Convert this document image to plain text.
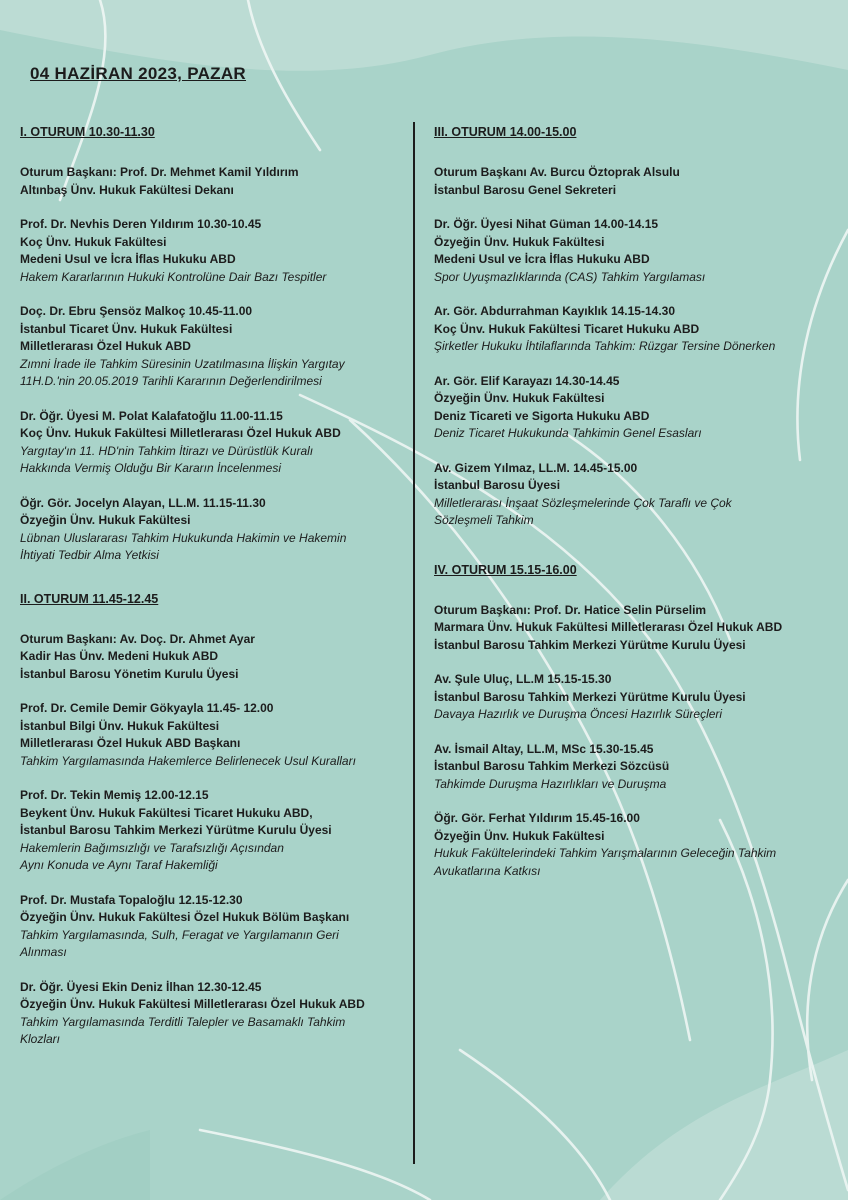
04 HAZİRAN 2023, PAZAR
I. OTURUM 10.30-11.30
Oturum Başkanı: Prof. Dr. Mehmet Kamil Yıldırım
Altınbaş Ünv. Hukuk Fakültesi Dekanı
Prof. Dr. Nevhis Deren Yıldırım 10.30-10.45
Koç Ünv. Hukuk Fakültesi
Medeni Usul ve İcra İflas Hukuku ABD
Hakem Kararlarının Hukuki Kontrolüne Dair Bazı Tespitler
Doç. Dr. Ebru Şensöz Malkoç 10.45-11.00
İstanbul Ticaret Ünv. Hukuk Fakültesi
Milletlerarası Özel Hukuk ABD
Zımni İrade ile Tahkim Süresinin Uzatılmasına İlişkin Yargıtay
11H.D.'nin 20.05.2019 Tarihli Kararının Değerlendirilmesi
Dr. Öğr. Üyesi M. Polat Kalafatoğlu 11.00-11.15
Koç Ünv. Hukuk Fakültesi Milletlerarası Özel Hukuk ABD
Yargıtay'ın 11. HD'nin Tahkim İtirazı ve Dürüstlük Kuralı
Hakkında Vermiş Olduğu Bir Kararın İncelenmesi
Öğr. Gör. Jocelyn Alayan, LL.M. 11.15-11.30
Özyeğin Ünv. Hukuk Fakültesi
Lübnan Uluslararası Tahkim Hukukunda Hakimin ve Hakemin
İhtiyati Tedbir Alma Yetkisi
II. OTURUM 11.45-12.45
Oturum Başkanı: Av. Doç. Dr. Ahmet Ayar
Kadir Has Ünv. Medeni Hukuk ABD
İstanbul Barosu Yönetim Kurulu Üyesi
Prof. Dr. Cemile Demir Gökyayla 11.45- 12.00
İstanbul Bilgi Ünv. Hukuk Fakültesi
Milletlerarası Özel Hukuk ABD Başkanı
Tahkim Yargılamasında Hakemlerce Belirlenecek Usul Kuralları
Prof. Dr. Tekin Memiş 12.00-12.15
Beykent Ünv. Hukuk Fakültesi Ticaret Hukuku ABD,
İstanbul Barosu Tahkim Merkezi Yürütme Kurulu Üyesi
Hakemlerin Bağımsızlığı ve Tarafsızlığı Açısından
Aynı Konuda ve Aynı Taraf Hakemliği
Prof. Dr. Mustafa Topaloğlu 12.15-12.30
Özyeğin Ünv. Hukuk Fakültesi Özel Hukuk Bölüm Başkanı
Tahkim Yargılamasında, Sulh, Feragat ve Yargılamanın Geri
Alınması
Dr. Öğr. Üyesi Ekin Deniz İlhan 12.30-12.45
Özyeğin Ünv. Hukuk Fakültesi Milletlerarası Özel Hukuk ABD
Tahkim Yargılamasında Terditli Talepler ve Basamaklı Tahkim
Klozları
III. OTURUM 14.00-15.00
Oturum Başkanı Av. Burcu Öztoprak Alsulu
İstanbul Barosu Genel Sekreteri
Dr. Öğr. Üyesi Nihat Güman 14.00-14.15
Özyeğin Ünv. Hukuk Fakültesi
Medeni Usul ve İcra İflas Hukuku ABD
Spor Uyuşmazlıklarında (CAS) Tahkim Yargılaması
Ar. Gör. Abdurrahman Kayıklık 14.15-14.30
Koç Ünv. Hukuk Fakültesi Ticaret Hukuku ABD
Şirketler Hukuku İhtilaflarında Tahkim: Rüzgar Tersine Dönerken
Ar. Gör. Elif Karayazı 14.30-14.45
Özyeğin Ünv. Hukuk Fakültesi
Deniz Ticareti ve Sigorta Hukuku ABD
Deniz Ticaret Hukukunda Tahkimin Genel Esasları
Av. Gizem Yılmaz, LL.M. 14.45-15.00
İstanbul Barosu Üyesi
Milletlerarası İnşaat Sözleşmelerinde Çok Taraflı ve Çok
Sözleşmeli Tahkim
IV. OTURUM 15.15-16.00
Oturum Başkanı: Prof. Dr. Hatice Selin Pürselim
Marmara Ünv. Hukuk Fakültesi Milletlerarası Özel Hukuk ABD
İstanbul Barosu Tahkim Merkezi Yürütme Kurulu Üyesi
Av. Şule Uluç, LL.M 15.15-15.30
İstanbul Barosu Tahkim Merkezi Yürütme Kurulu Üyesi
Davaya Hazırlık ve Duruşma Öncesi Hazırlık Süreçleri
Av. İsmail Altay, LL.M, MSc 15.30-15.45
İstanbul Barosu Tahkim Merkezi Sözcüsü
Tahkimde Duruşma Hazırlıkları ve Duruşma
Öğr. Gör. Ferhat Yıldırım 15.45-16.00
Özyeğin Ünv. Hukuk Fakültesi
Hukuk Fakültelerindeki Tahkim Yarışmalarının Geleceğin Tahkim
Avukatlarına Katkısı
